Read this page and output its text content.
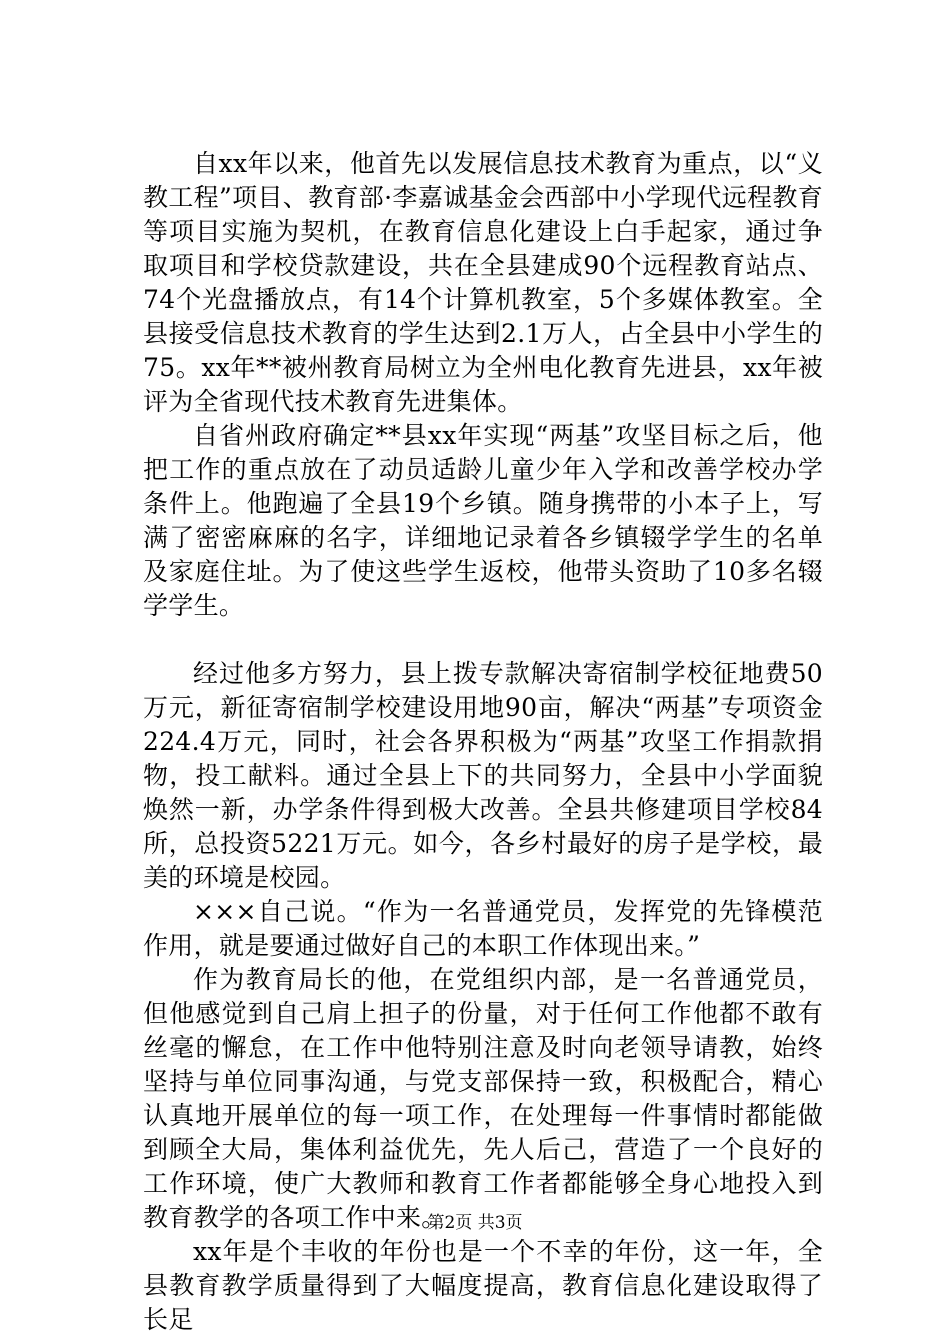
自xx年以来，他首先以发展信息技术教育为重点，以“义教工程”项目、教育部·李嘉诚基金会西部中小学现代远程教育等项目实施为契机，在教育信息化建设上白手起家，通过争取项目和学校贷款建设，共在全县建成90个远程教育站点、74个光盘播放点，有14个计算机教室，5个多媒体教室。全县接受信息技术教育的学生达到2.1万人，占全县中小学生的75。xx年**被州教育局树立为全州电化教育先进县，xx年被评为全省现代技术教育先进集体。

自省州政府确定**县xx年实现“两基”攻坚目标之后，他把工作的重点放在了动员适龄儿童少年入学和改善学校办学条件上。他跑遍了全县19个乡镇。随身携带的小本子上，写满了密密麻麻的名字，详细地记录着各乡镇辍学学生的名单及家庭住址。为了使这些学生返校，他带头资助了10多名辍学学生。

经过他多方努力，县上拨专款解决寄宿制学校征地费50万元，新征寄宿制学校建设用地90亩，解决“两基”专项资金224.4万元，同时，社会各界积极为“两基”攻坚工作捐款捐物，投工献料。通过全县上下的共同努力，全县中小学面貌焕然一新，办学条件得到极大改善。全县共修建项目学校84所，总投资5221万元。如今，各乡村最好的房子是学校，最美的环境是校园。

×××自己说。“作为一名普通党员，发挥党的先锋模范作用，就是要通过做好自己的本职工作体现出来。”

作为教育局长的他，在党组织内部，是一名普通党员，但他感觉到自己肩上担子的份量，对于任何工作他都不敢有丝毫的懈怠，在工作中他特别注意及时向老领导请教，始终坚持与单位同事沟通，与党支部保持一致，积极配合，精心认真地开展单位的每一项工作，在处理每一件事情时都能做到顾全大局，集体利益优先，先人后己，营造了一个良好的工作环境，使广大教师和教育工作者都能够全身心地投入到教育教学的各项工作中来。

xx年是个丰收的年份也是一个不幸的年份，这一年，全县教育教学质量得到了大幅度提高，教育信息化建设取得了长足

第2页 共3页
